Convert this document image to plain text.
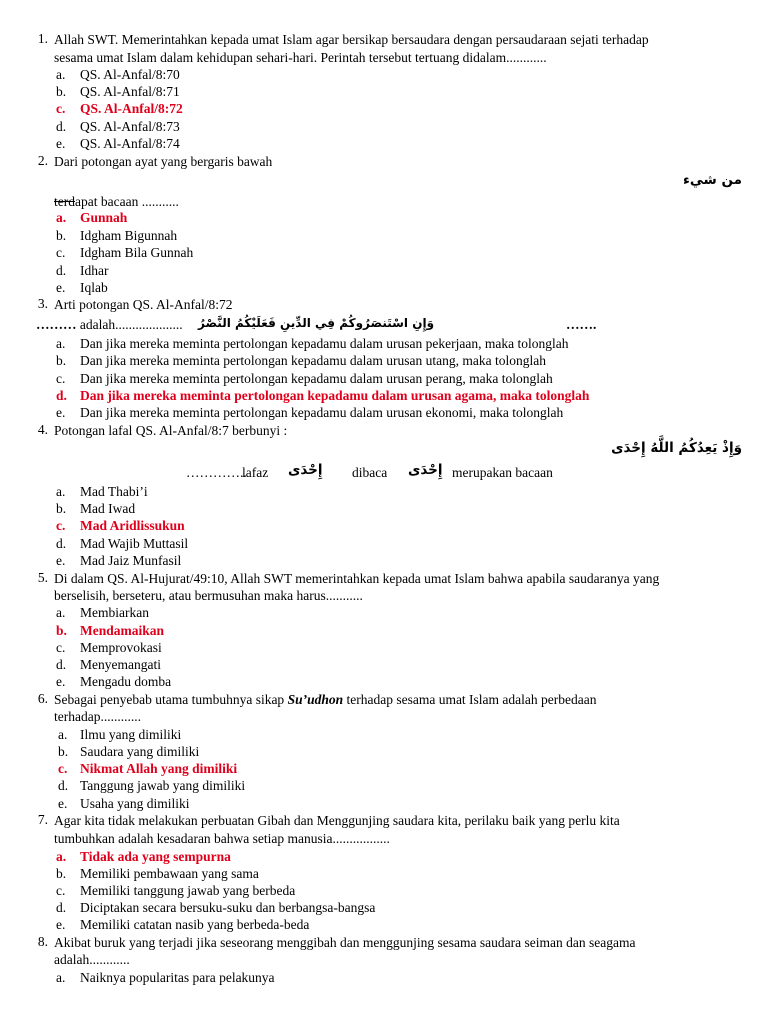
1. Allah SWT. Memerintahkan kepada umat Islam agar bersikap bersaudara dengan persaudaraan sejati terhadap
sesama umat Islam dalam kehidupan sehari-hari. Perintah tersebut tertuang didalam............
a. QS. Al-Anfal/8:70
b. QS. Al-Anfal/8:71
c. QS. Al-Anfal/8:72
d. QS. Al-Anfal/8:73
e. QS. Al-Anfal/8:74
2. Dari potongan ayat yang bergaris bawah
ﻣﻦ ﺷﻲء
terdapat bacaan ...........
a. Gunnah
b. Idgham Bigunnah
c. Idgham Bila Gunnah
d. Idhar
e. Iqlab
3. Arti potongan QS. Al-Anfal/8:72
……… adalah.................... وَإِنِ اسْتَنصَرُوكُمْ فِي الدِّينِ فَعَلَيْكُمُ النَّصْرُ	…….
a. Dan jika mereka meminta pertolongan kepadamu dalam urusan pekerjaan, maka tolonglah
b. Dan jika mereka meminta pertolongan kepadamu dalam urusan utang, maka tolonglah
c. Dan jika mereka meminta pertolongan kepadamu dalam urusan perang, maka tolonglah
d. Dan jika mereka meminta pertolongan kepadamu dalam urusan agama, maka tolonglah
e. Dan jika mereka meminta pertolongan kepadamu dalam urusan ekonomi, maka tolonglah
4. Potongan lafal QS. Al-Anfal/8:7 berbunyi :
ﻭَﺇِﺫْ ﻳَﻌِﺪُﻛُﻢُ ﺍﻟﻠَّﻪُ ﺇِﺣْﺪَﻯ
…………..
lafaz ﺇِﺣْﺪَﻯ dibaca ﺇِﺣْﺪَﻯ merupakan bacaan
a. Mad Thabi’i
b. Mad Iwad
c. Mad Aridlissukun
d. Mad Wajib Muttasil
e. Mad Jaiz Munfasil
5. Di dalam QS. Al-Hujurat/49:10, Allah SWT memerintahkan kepada umat Islam bahwa apabila saudaranya yang
berselisih, berseteru, atau bermusuhan maka harus...........
a. Membiarkan
b. Mendamaikan
c. Memprovokasi
d. Menyemangati
e. Mengadu domba
6. Sebagai penyebab utama tumbuhnya sikap Su’udhon terhadap sesama umat Islam adalah perbedaan
terhadap............
a. Ilmu yang dimiliki
b. Saudara yang dimiliki
c. Nikmat Allah yang dimiliki
d. Tanggung jawab yang dimiliki
e. Usaha yang dimiliki
7. Agar kita tidak melakukan perbuatan Gibah dan Menggunjing saudara kita, perilaku baik yang perlu kita
tumbuhkan adalah kesadaran bahwa setiap manusia.................
a. Tidak ada yang sempurna
b. Memiliki pembawaan yang sama
c. Memiliki tanggung jawab yang berbeda
d. Diciptakan secara bersuku-suku dan berbangsa-bangsa
e. Memiliki catatan nasib yang berbeda-beda
8. Akibat buruk yang terjadi jika seseorang menggibah dan menggunjing sesama saudara seiman dan seagama
adalah............
a. Naiknya popularitas para pelakunya
